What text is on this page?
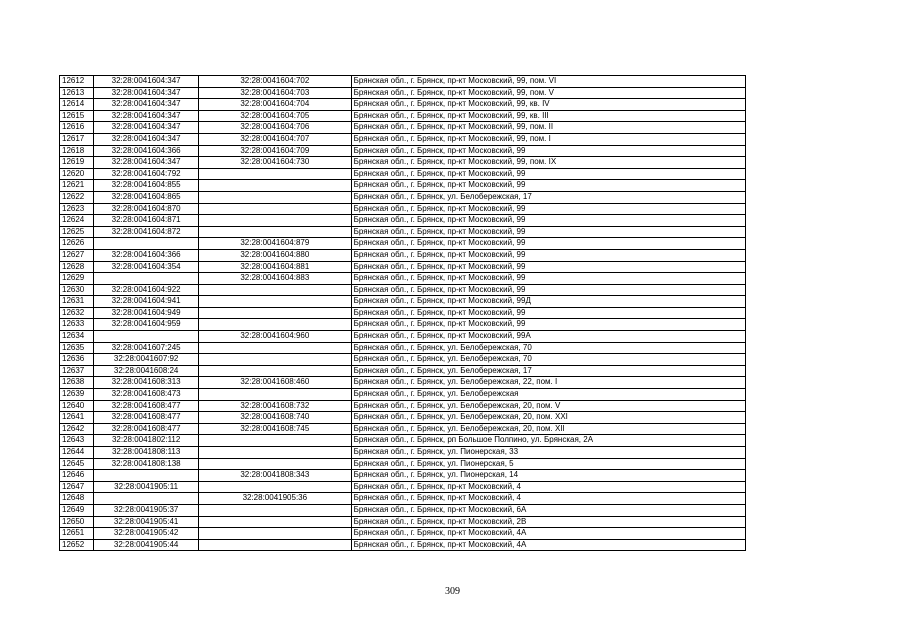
12612	32:28:0041604:347	32:28:0041604:702	Брянская обл., г. Брянск, пр-кт Московский, 99, пом. VI
12613	32:28:0041604:347	32:28:0041604:703	Брянская обл., г. Брянск, пр-кт Московский, 99, пом. V
12614	32:28:0041604:347	32:28:0041604:704	Брянская обл., г. Брянск, пр-кт Московский, 99, кв. IV
12615	32:28:0041604:347	32:28:0041604:705	Брянская обл., г. Брянск, пр-кт Московский, 99, кв. III
12616	32:28:0041604:347	32:28:0041604:706	Брянская обл., г. Брянск, пр-кт Московский, 99, пом. II
12617	32:28:0041604:347	32:28:0041604:707	Брянская обл., г. Брянск, пр-кт Московский, 99, пом. I
12618	32:28:0041604:366	32:28:0041604:709	Брянская обл., г. Брянск, пр-кт Московский, 99
12619	32:28:0041604:347	32:28:0041604:730	Брянская обл., г. Брянск, пр-кт Московский, 99, пом. IX
12620	32:28:0041604:792		Брянская обл., г. Брянск, пр-кт Московский, 99
12621	32:28:0041604:855		Брянская обл., г. Брянск, пр-кт Московский, 99
12622	32:28:0041604:865		Брянская обл., г. Брянск, ул. Белобережская, 17
12623	32:28:0041604:870		Брянская обл., г. Брянск, пр-кт Московский, 99
12624	32:28:0041604:871		Брянская обл., г. Брянск, пр-кт Московский, 99
12625	32:28:0041604:872		Брянская обл., г. Брянск, пр-кт Московский, 99
12626		32:28:0041604:879	Брянская обл., г. Брянск, пр-кт Московский, 99
12627	32:28:0041604:366	32:28:0041604:880	Брянская обл., г. Брянск, пр-кт Московский, 99
12628	32:28:0041604:354	32:28:0041604:881	Брянская обл., г. Брянск, пр-кт Московский, 99
12629		32:28:0041604:883	Брянская обл., г. Брянск, пр-кт Московский, 99
12630	32:28:0041604:922		Брянская обл., г. Брянск, пр-кт Московский, 99
12631	32:28:0041604:941		Брянская обл., г. Брянск, пр-кт Московский, 99Д
12632	32:28:0041604:949		Брянская обл., г. Брянск, пр-кт Московский, 99
12633	32:28:0041604:959		Брянская обл., г. Брянск, пр-кт Московский, 99
12634		32:28:0041604:960	Брянская обл., г. Брянск, пр-кт Московский, 99А
12635	32:28:0041607:245		Брянская обл., г. Брянск, ул. Белобережская, 70
12636	32:28:0041607:92		Брянская обл., г. Брянск, ул. Белобережская, 70
12637	32:28:0041608:24		Брянская обл., г. Брянск, ул. Белобережская, 17
12638	32:28:0041608:313	32:28:0041608:460	Брянская обл., г. Брянск, ул. Белобережская, 22, пом. I
12639	32:28:0041608:473		Брянская обл., г. Брянск, ул. Белобережская
12640	32:28:0041608:477	32:28:0041608:732	Брянская обл., г. Брянск, ул. Белобережская, 20, пом. V
12641	32:28:0041608:477	32:28:0041608:740	Брянская обл., г. Брянск, ул. Белобережская, 20, пом. XXI
12642	32:28:0041608:477	32:28:0041608:745	Брянская обл., г. Брянск, ул. Белобережская, 20, пом. XII
12643	32:28:0041802:112		Брянская обл., г. Брянск, рп Большое Полпино, ул. Брянская, 2А
12644	32:28:0041808:113		Брянская обл., г. Брянск, ул. Пионерская, 33
12645	32:28:0041808:138		Брянская обл., г. Брянск, ул. Пионерская, 5
12646		32:28:0041808:343	Брянская обл., г. Брянск, ул. Пионерская, 14
12647	32:28:0041905:11		Брянская обл., г. Брянск, пр-кт Московский, 4
12648		32:28:0041905:36	Брянская обл., г. Брянск, пр-кт Московский, 4
12649	32:28:0041905:37		Брянская обл., г. Брянск, пр-кт Московский, 6А
12650	32:28:0041905:41		Брянская обл., г. Брянск, пр-кт Московский, 2В
12651	32:28:0041905:42		Брянская обл., г. Брянск, пр-кт Московский, 4А
12652	32:28:0041905:44		Брянская обл., г. Брянск, пр-кт Московский, 4А
309
